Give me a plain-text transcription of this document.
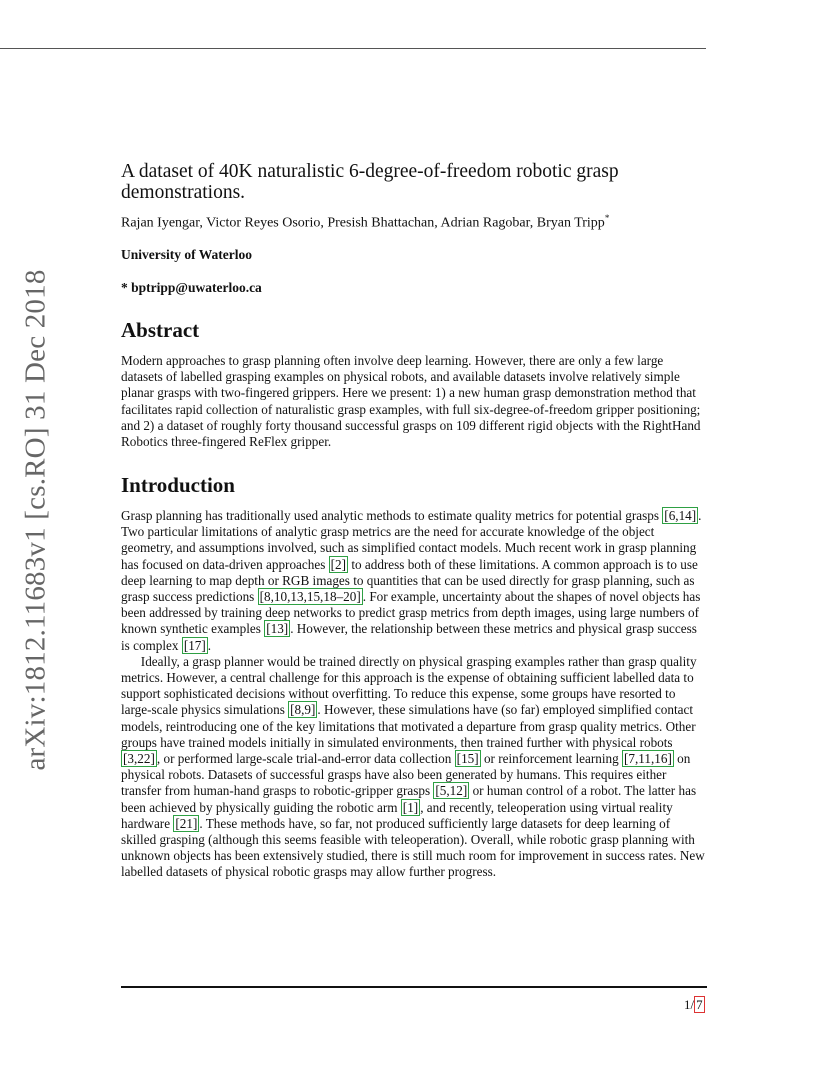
arXiv:1812.11683v1 [cs.RO] 31 Dec 2018
A dataset of 40K naturalistic 6-degree-of-freedom robotic grasp demonstrations.
Rajan Iyengar, Victor Reyes Osorio, Presish Bhattachan, Adrian Ragobar, Bryan Tripp*
University of Waterloo
* bptripp@uwaterloo.ca
Abstract

Modern approaches to grasp planning often involve deep learning. However, there are only a few large datasets of labelled grasping examples on physical robots, and available datasets involve relatively simple planar grasps with two-fingered grippers. Here we present: 1) a new human grasp demonstration method that facilitates rapid collection of naturalistic grasp examples, with full six-degree-of-freedom gripper positioning; and 2) a dataset of roughly forty thousand successful grasps on 109 different rigid objects with the RightHand Robotics three-fingered ReFlex gripper.

Introduction

Grasp planning has traditionally used analytic methods to estimate quality metrics for potential grasps [6,14] . Two particular limitations of analytic grasp metrics are the need for accurate knowledge of the object geometry, and assumptions involved, such as simplified contact models. Much recent work in grasp planning has focused on data-driven approaches [2] to address both of these limitations. A common approach is to use deep learning to map depth or RGB images to quantities that can be used directly for grasp planning, such as grasp success predictions [8,10,13,15,18–20] . For example, uncertainty about the shapes of novel objects has been addressed by training deep networks to predict grasp metrics from depth images, using large numbers of known synthetic examples [13] . However, the relationship between these metrics and physical grasp success is complex [17] .

Ideally, a grasp planner would be trained directly on physical grasping examples rather than grasp quality metrics. However, a central challenge for this approach is the expense of obtaining sufficient labelled data to support sophisticated decisions without overfitting. To reduce this expense, some groups have resorted to large-scale physics simulations [8,9] . However, these simulations have (so far) employed simplified contact models, reintroducing one of the key limitations that motivated a departure from grasp quality metrics. Other groups have trained models initially in simulated environments, then trained further with physical robots [3,22] , or performed large-scale trial-and-error data collection [15] or reinforcement learning [7,11,16] on physical robots. Datasets of successful grasps have also been generated by humans. This requires either transfer from human-hand grasps to robotic-gripper grasps [5,12] or human control of a robot. The latter has been achieved by physically guiding the robotic arm [1] , and recently, teleoperation using virtual reality hardware [21] . These methods have, so far, not produced sufficiently large datasets for deep learning of skilled grasping (although this seems feasible with teleoperation). Overall, while robotic grasp planning with unknown objects has been extensively studied, there is still much room for improvement in success rates. New labelled datasets of physical robotic grasps may allow further progress.

1/ 7
